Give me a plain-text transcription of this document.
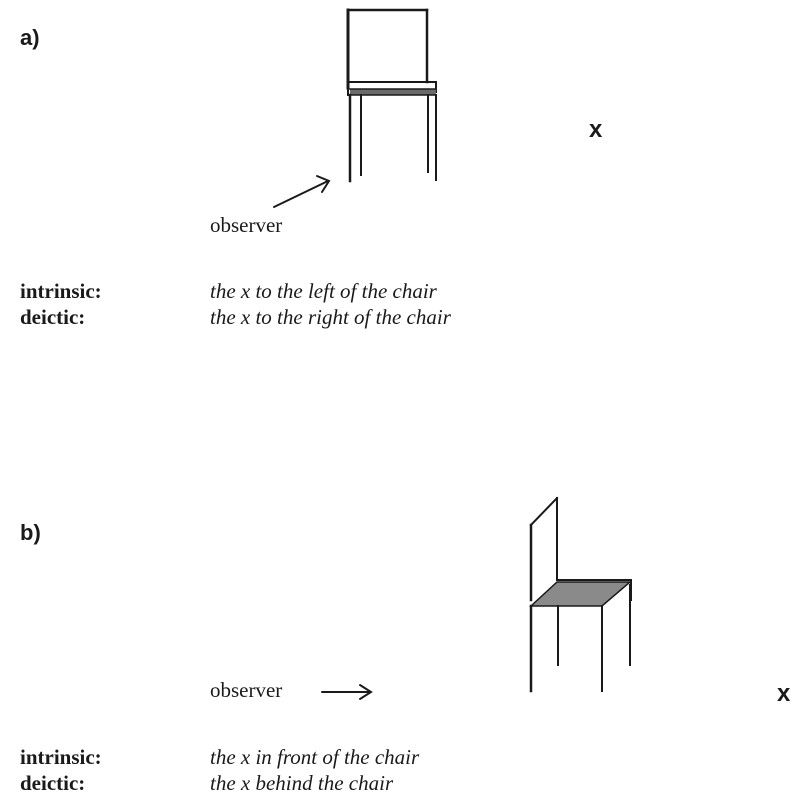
a)
x
observer
intrinsic:	the x to the left of the chair
deictic:	the x to the right of the chair
b)
observer	x
intrinsic:	the x in front of the chair
deictic:	the x behind the chair
